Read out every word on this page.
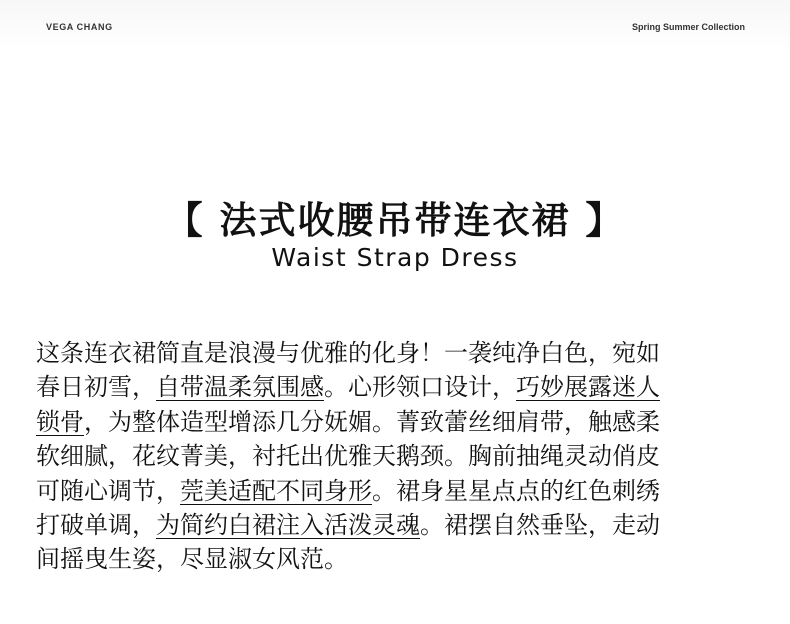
VEGA CHANG	Spring Summer Collection
【 法式收腰吊带连衣裙 】
Waist Strap Dress
这条连衣裙简直是浪漫与优雅的化身！一袭纯净白色，宛如
春日初雪，自带温柔氛围感。心形领口设计，巧妙展露迷人
锁骨，为整体造型增添几分妩媚。菁致蕾丝细肩带，触感柔
软细腻，花纹菁美，衬托出优雅天鹅颈。胸前抽绳灵动俏皮
可随心调节，莞美适配不同身形。裙身星星点点的红色刺绣
打破单调，为简约白裙注入活泼灵魂。裙摆自然垂坠，走动
间摇曳生姿，尽显淑女风范。
